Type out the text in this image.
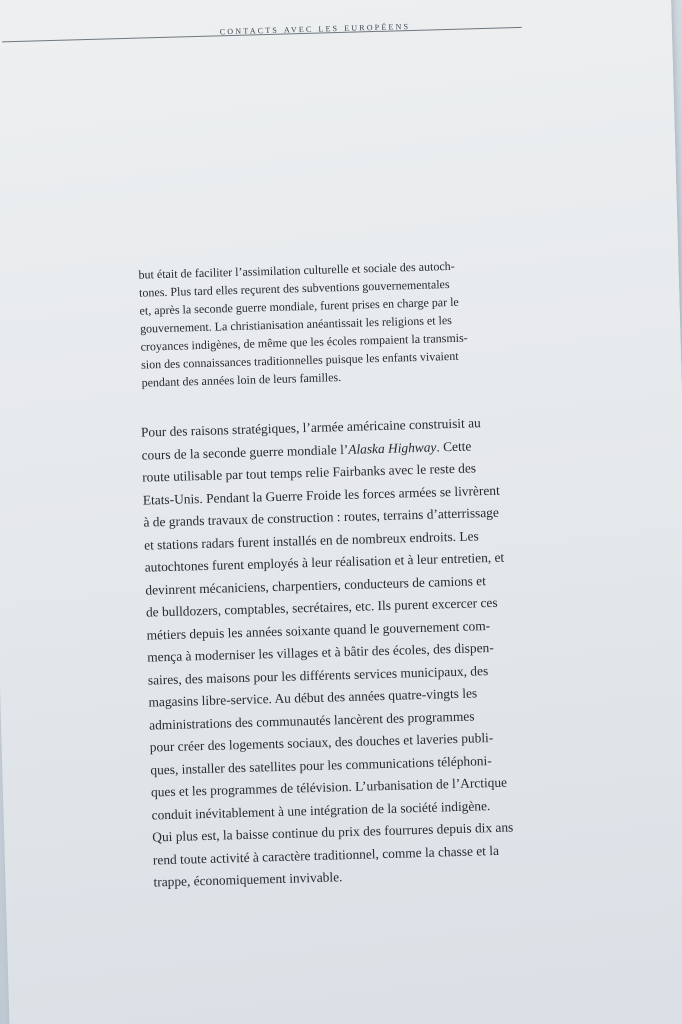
contacts avec les européens
but était de faciliter l’assimilation culturelle et sociale des autoch-
tones. Plus tard elles reçurent des subventions gouvernementales
et, après la seconde guerre mondiale, furent prises en charge par le
gouvernement. La christianisation anéantissait les religions et les
croyances indigènes, de même que les écoles rompaient la transmis-
sion des connaissances traditionnelles puisque les enfants vivaient
pendant des années loin de leurs familles.
Pour des raisons stratégiques, l’armée américaine construisit au
cours de la seconde guerre mondiale l’Alaska Highway. Cette
route utilisable par tout temps relie Fairbanks avec le reste des
Etats-Unis. Pendant la Guerre Froide les forces armées se livrèrent
à de grands travaux de construction : routes, terrains d’atterrissage
et stations radars furent installés en de nombreux endroits. Les
autochtones furent employés à leur réalisation et à leur entretien, et
devinrent mécaniciens, charpentiers, conducteurs de camions et
de bulldozers, comptables, secrétaires, etc. Ils purent excercer ces
métiers depuis les années soixante quand le gouvernement com-
mença à moderniser les villages et à bâtir des écoles, des dispen-
saires, des maisons pour les différents services municipaux, des
magasins libre-service. Au début des années quatre-vingts les
administrations des communautés lancèrent des programmes
pour créer des logements sociaux, des douches et laveries publi-
ques, installer des satellites pour les communications téléphoni-
ques et les programmes de télévision. L’urbanisation de l’Arctique
conduit inévitablement à une intégration de la société indigène.
Qui plus est, la baisse continue du prix des fourrures depuis dix ans
rend toute activité à caractère traditionnel, comme la chasse et la
trappe, économiquement invivable.
